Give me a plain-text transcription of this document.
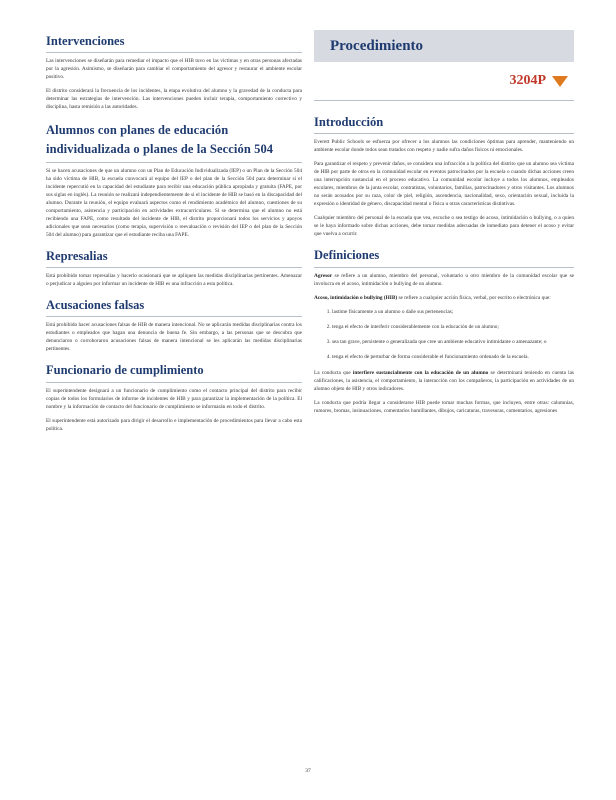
Intervenciones

Las intervenciones se diseñarán para remediar el impacto que el HIB tuvo en las víctimas y en otras personas afectadas por la agresión. Asimismo, se diseñarán para cambiar el comportamiento del agresor y restaurar el ambiente escolar positivo.

El distrito considerará la frecuencia de los incidentes, la etapa evolutiva del alumno y la gravedad de la conducta para determinar las estrategias de intervención. Las intervenciones pueden incluir terapia, comportamiento correctivo y disciplina, hasta remisión a las autoridades.

Alumnos con planes de educación individualizada o planes de la Sección 504

Si se hacen acusaciones de que un alumno con un Plan de Educación Individualizada (IEP) o un Plan de la Sección 504 ha sido víctima de HIB, la escuela convocará al equipo del IEP o del plan de la Sección 504 para determinar si el incidente repercutió en la capacidad del estudiante para recibir una educación pública apropiada y gratuita (FAPE, por sus siglas en inglés). La reunión se realizará independientemente de si el incidente de HIB se basó en la discapacidad del alumno. Durante la reunión, el equipo evaluará aspectos como el rendimiento académico del alumno, cuestiones de su comportamiento, asistencia y participación en actividades extracurriculares. Si se determina que el alumno no está recibiendo una FAPE, como resultado del incidente de HIB, el distrito proporcionará todos los servicios y apoyos adicionales que sean necesarios (como terapia, supervisión o reevaluación o revisión del IEP o del plan de la Sección 504 del alumno) para garantizar que el estudiante reciba una FAPE.

Represalias

Está prohibido tomar represalias y hacerlo ocasionará que se apliquen las medidas disciplinarias pertinentes. Amenazar o perjudicar a alguien por informar un incidente de HIB es una infracción a esta política.

Acusaciones falsas

Está prohibido hacer acusaciones falsas de HIB de manera intencional. No se aplicarán medidas disciplinarias contra los estudiantes o empleados que hagan una denuncia de buena fe. Sin embargo, a las personas que se descubra que denunciaron o corroboraron acusaciones falsas de manera intencional se les aplicarán las medidas disciplinarias pertinentes.

Funcionario de cumplimiento

El superintendente designará a un funcionario de cumplimiento como el contacto principal del distrito para recibir copias de todos los formularios de informe de incidentes de HIB y para garantizar la implementación de la política. El nombre y la información de contacto del funcionario de cumplimiento se informarán en todo el distrito.

El superintendente está autorizado para dirigir el desarrollo e implementación de procedimientos para llevar a cabo esta política.

Procedimiento
3204P
Introducción

Everett Public Schools se esfuerza por ofrecer a los alumnos las condiciones óptimas para aprender, manteniendo un ambiente escolar donde todos sean tratados con respeto y nadie sufra daños físicos ni emocionales.

Para garantizar el respeto y prevenir daños, se considera una infracción a la política del distrito que un alumno sea víctima de HIB por parte de otros en la comunidad escolar en eventos patrocinados por la escuela o cuando dichas acciones creen una interrupción sustancial en el proceso educativo. La comunidad escolar incluye a todos los alumnos, empleados escolares, miembros de la junta escolar, contratistas, voluntarios, familias, patrocinadores y otros visitantes. Los alumnos no serán acosados por su raza, color de piel, religión, ascendencia, nacionalidad, sexo, orientación sexual, incluida la expresión o identidad de género, discapacidad mental o física u otras características distintivas.

Cualquier miembro del personal de la escuela que vea, escuche o sea testigo de acoso, intimidación o bullying, o a quien se le haya informado sobre dichas acciones, debe tomar medidas adecuadas de inmediato para detener el acoso y evitar que vuelva a ocurrir.

Definiciones

Agresor se refiere a un alumno, miembro del personal, voluntario u otro miembro de la comunidad escolar que se involucra en el acoso, intimidación o bullying de un alumno.

Acoso, intimidación o bullying (HIB) se refiere a cualquier acción física, verbal, por escrito o electrónica que:

1. lastime físicamente a un alumno o dañe sus pertenencias;
2. tenga el efecto de interferir considerablemente con la educación de un alumno;
3. sea tan grave, persistente o generalizada que cree un ambiente educativo intimidante o amenazante; o
4. tenga el efecto de perturbar de forma considerable el funcionamiento ordenado de la escuela.

La conducta que interfiere sustancialmente con la educación de un alumno se determinará teniendo en cuenta las calificaciones, la asistencia, el comportamiento, la interacción con los compañeros, la participación en actividades de un alumno objeto de HIB y otros indicadores.

La conducta que podría llegar a considerarse HIB puede tomar muchas formas, que incluyen, entre otras: calumnias, rumores, bromas, insinuaciones, comentarios humillantes, dibujos, caricaturas, travesuras, comentarios, agresiones

37
